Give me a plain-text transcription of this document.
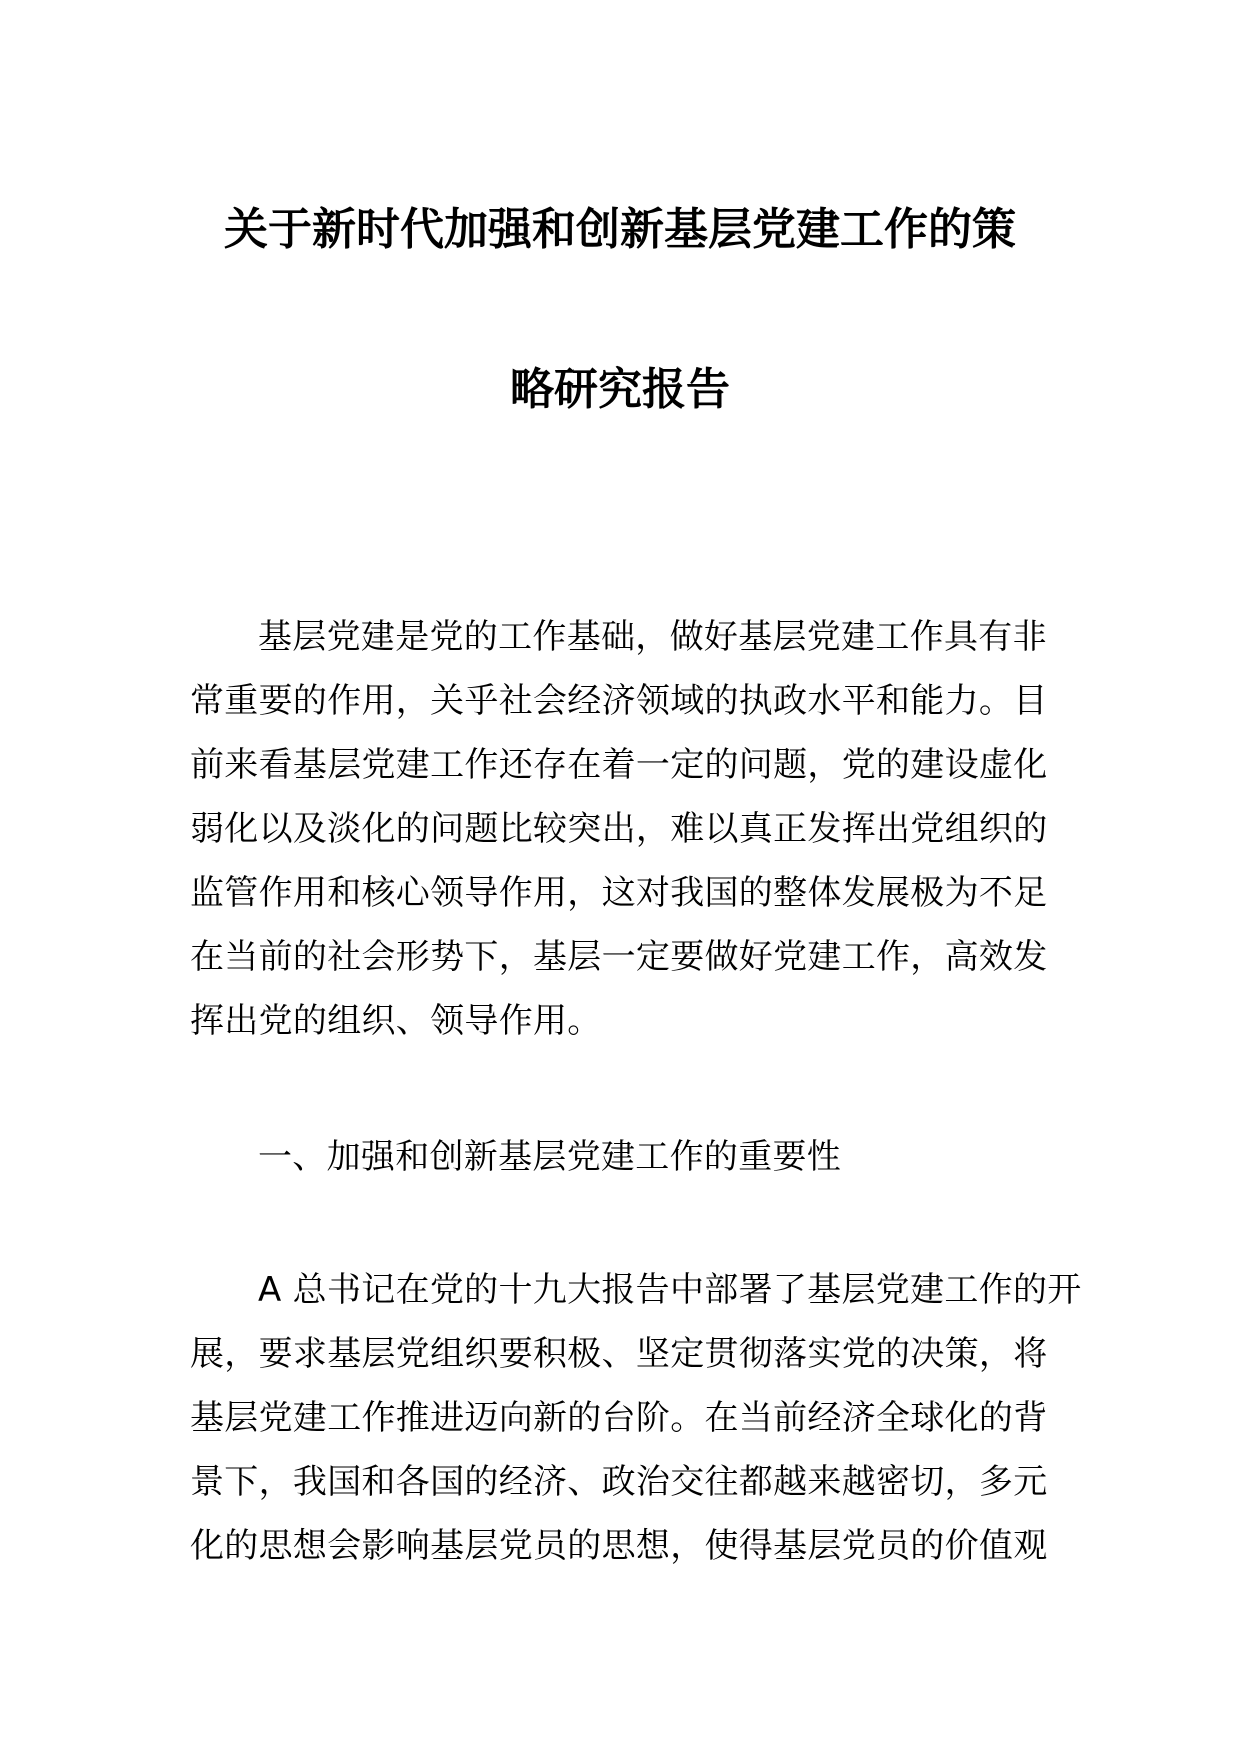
关于新时代加强和创新基层党建工作的策
略研究报告
基层党建是党的工作基础，做好基层党建工作具有非
常重要的作用，关乎社会经济领域的执政水平和能力。目
前来看基层党建工作还存在着一定的问题，党的建设虚化
弱化以及淡化的问题比较突出，难以真正发挥出党组织的
监管作用和核心领导作用，这对我国的整体发展极为不足
在当前的社会形势下，基层一定要做好党建工作，高效发
挥出党的组织、领导作用。
一、加强和创新基层党建工作的重要性
A 总书记在党的十九大报告中部署了基层党建工作的开
展，要求基层党组织要积极、坚定贯彻落实党的决策，将
基层党建工作推进迈向新的台阶。在当前经济全球化的背
景下，我国和各国的经济、政治交往都越来越密切，多元
化的思想会影响基层党员的思想，使得基层党员的价值观
